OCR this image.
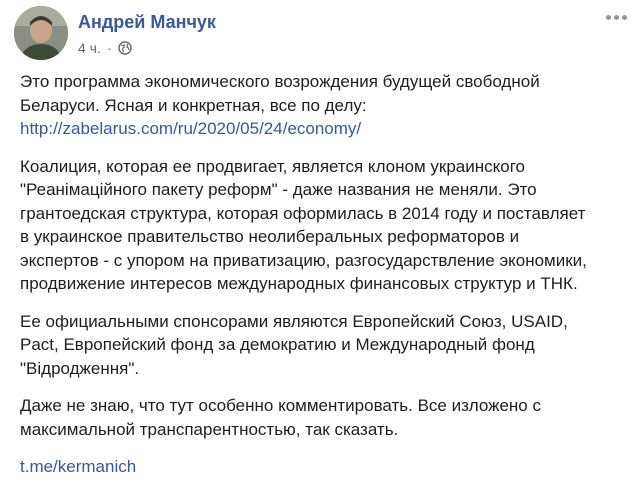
Андрей Манчук
4 ч. ·

Это программа экономического возрождения будущей свободной
Беларуси. Ясная и конкретная, все по делу:
http://zabelarus.com/ru/2020/05/24/economy/

Коалиция, которая ее продвигает, является клоном украинского
"Реанімаційного пакету реформ" - даже названия не меняли. Это
грантоедская структура, которая оформилась в 2014 году и поставляет
в украинское правительство неолиберальных реформаторов и
экспертов - с упором на приватизацию, разгосударствление экономики,
продвижение интересов международных финансовых структур и ТНК.

Ее официальными спонсорами являются Европейский Союз, USAID,
Pact, Европейский фонд за демократию и Международный фонд
"Відродження".

Даже не знаю, что тут особенно комментировать. Все изложено с
максимальной транспарентностью, так сказать.

t.me/kermanich
